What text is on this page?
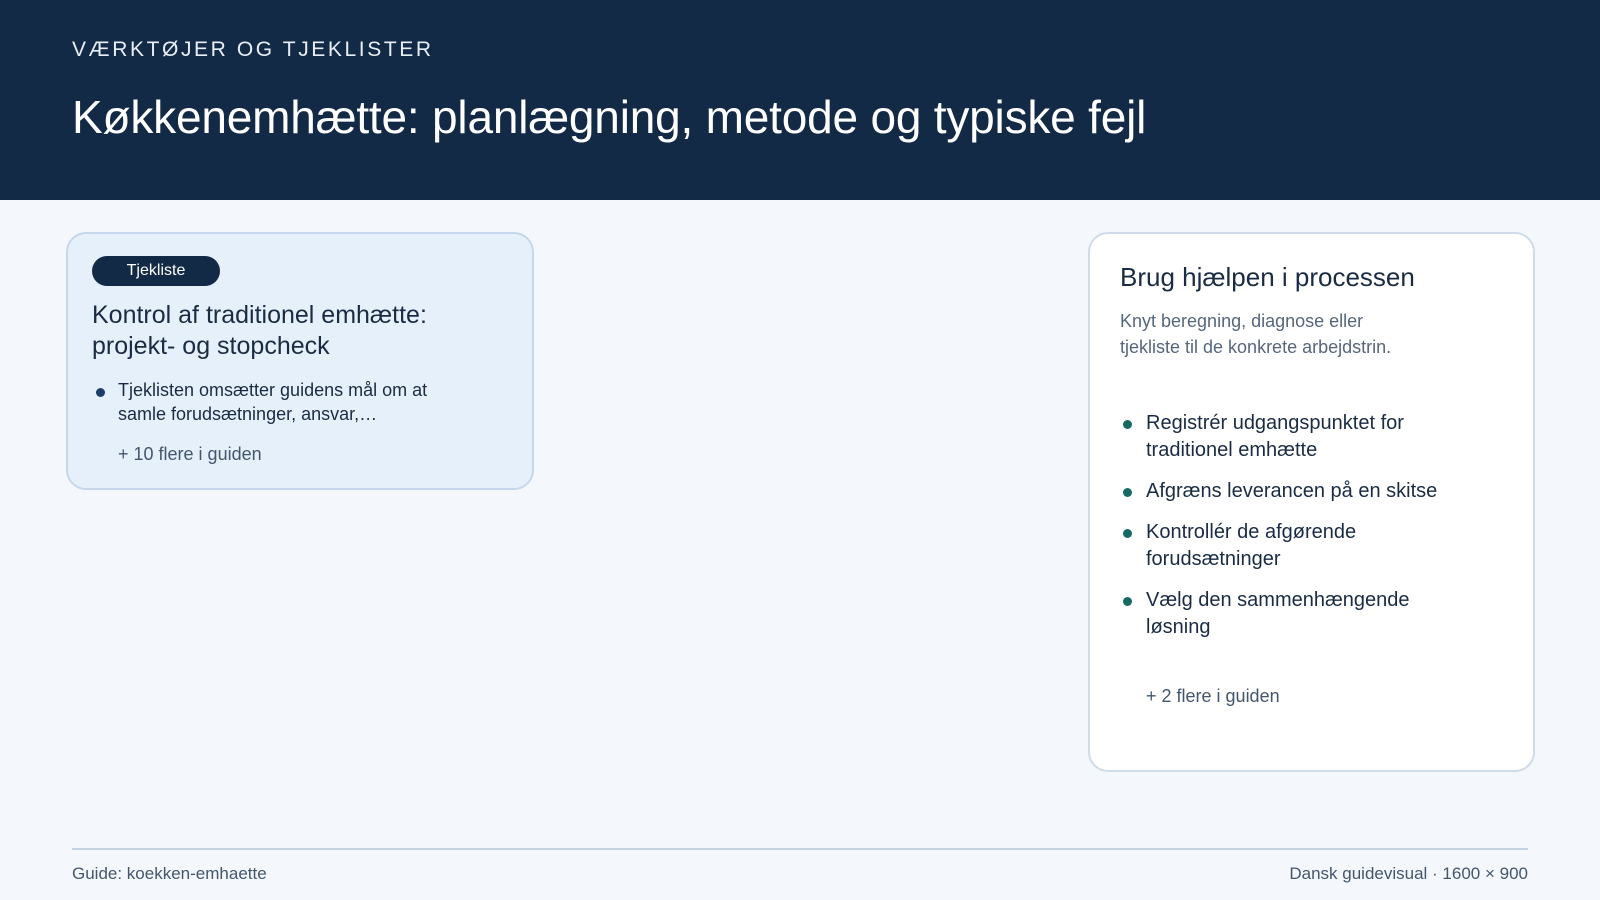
VÆRKTØJER OG TJEKLISTER
Køkkenemhætte: planlægning, metode og typiske fejl
Tjekliste
Kontrol af traditionel emhætte: projekt- og stopcheck
Tjeklisten omsætter guidens mål om at samle forudsætninger, ansvar,…
+ 10 flere i guiden
Brug hjælpen i processen
Knyt beregning, diagnose eller tjekliste til de konkrete arbejdstrin.
Registrér udgangspunktet for traditionel emhætte
Afgræns leverancen på en skitse
Kontrollér de afgørende forudsætninger
Vælg den sammenhængende løsning
+ 2 flere i guiden
Guide: koekken-emhaette	Dansk guidevisual · 1600 × 900
